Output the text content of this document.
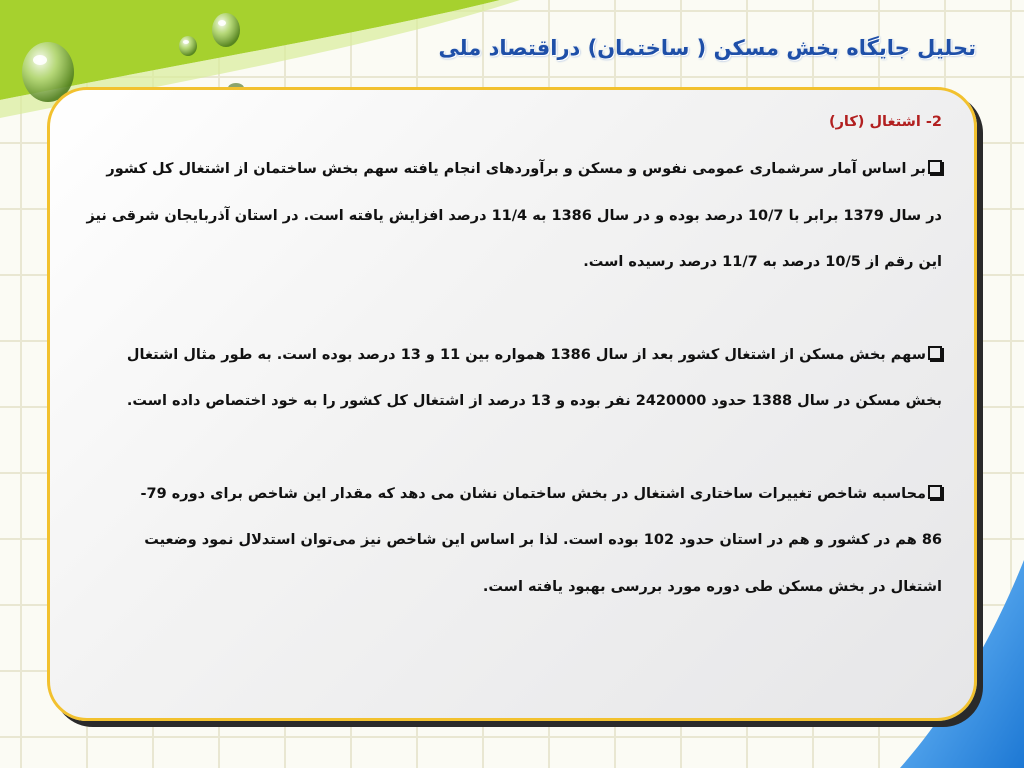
تحلیل جایگاه بخش مسکن ( ساختمان) دراقتصاد ملی

2- اشتغال (کار)

بر اساس آمار سرشماری عمومی نفوس و مسکن و برآوردهای انجام یافته سهم بخش ساختمان از اشتغال کل کشور

در سال 1379 برابر با 10/7 درصد بوده و در سال 1386 به 11/4 درصد افزایش یافته است. در استان آذربایجان شرقی نیز

این رقم از 10/5 درصد به 11/7 درصد رسیده است.

سهم بخش مسکن از اشتغال کشور بعد از سال 1386 همواره بین 11 و 13 درصد بوده است. به طور مثال اشتغال

بخش مسکن در سال 1388 حدود 2420000 نفر بوده و 13 درصد از اشتغال کل کشور را به خود اختصاص داده است.

محاسبه شاخص تغییرات ساختاری اشتغال در بخش ساختمان نشان می دهد که مقدار این شاخص برای دوره 79-

86 هم در کشور و هم در استان حدود 102 بوده است. لذا بر اساس این شاخص نیز می‌توان استدلال نمود وضعیت

اشتغال در بخش مسکن طی دوره مورد بررسی بهبود یافته است.
